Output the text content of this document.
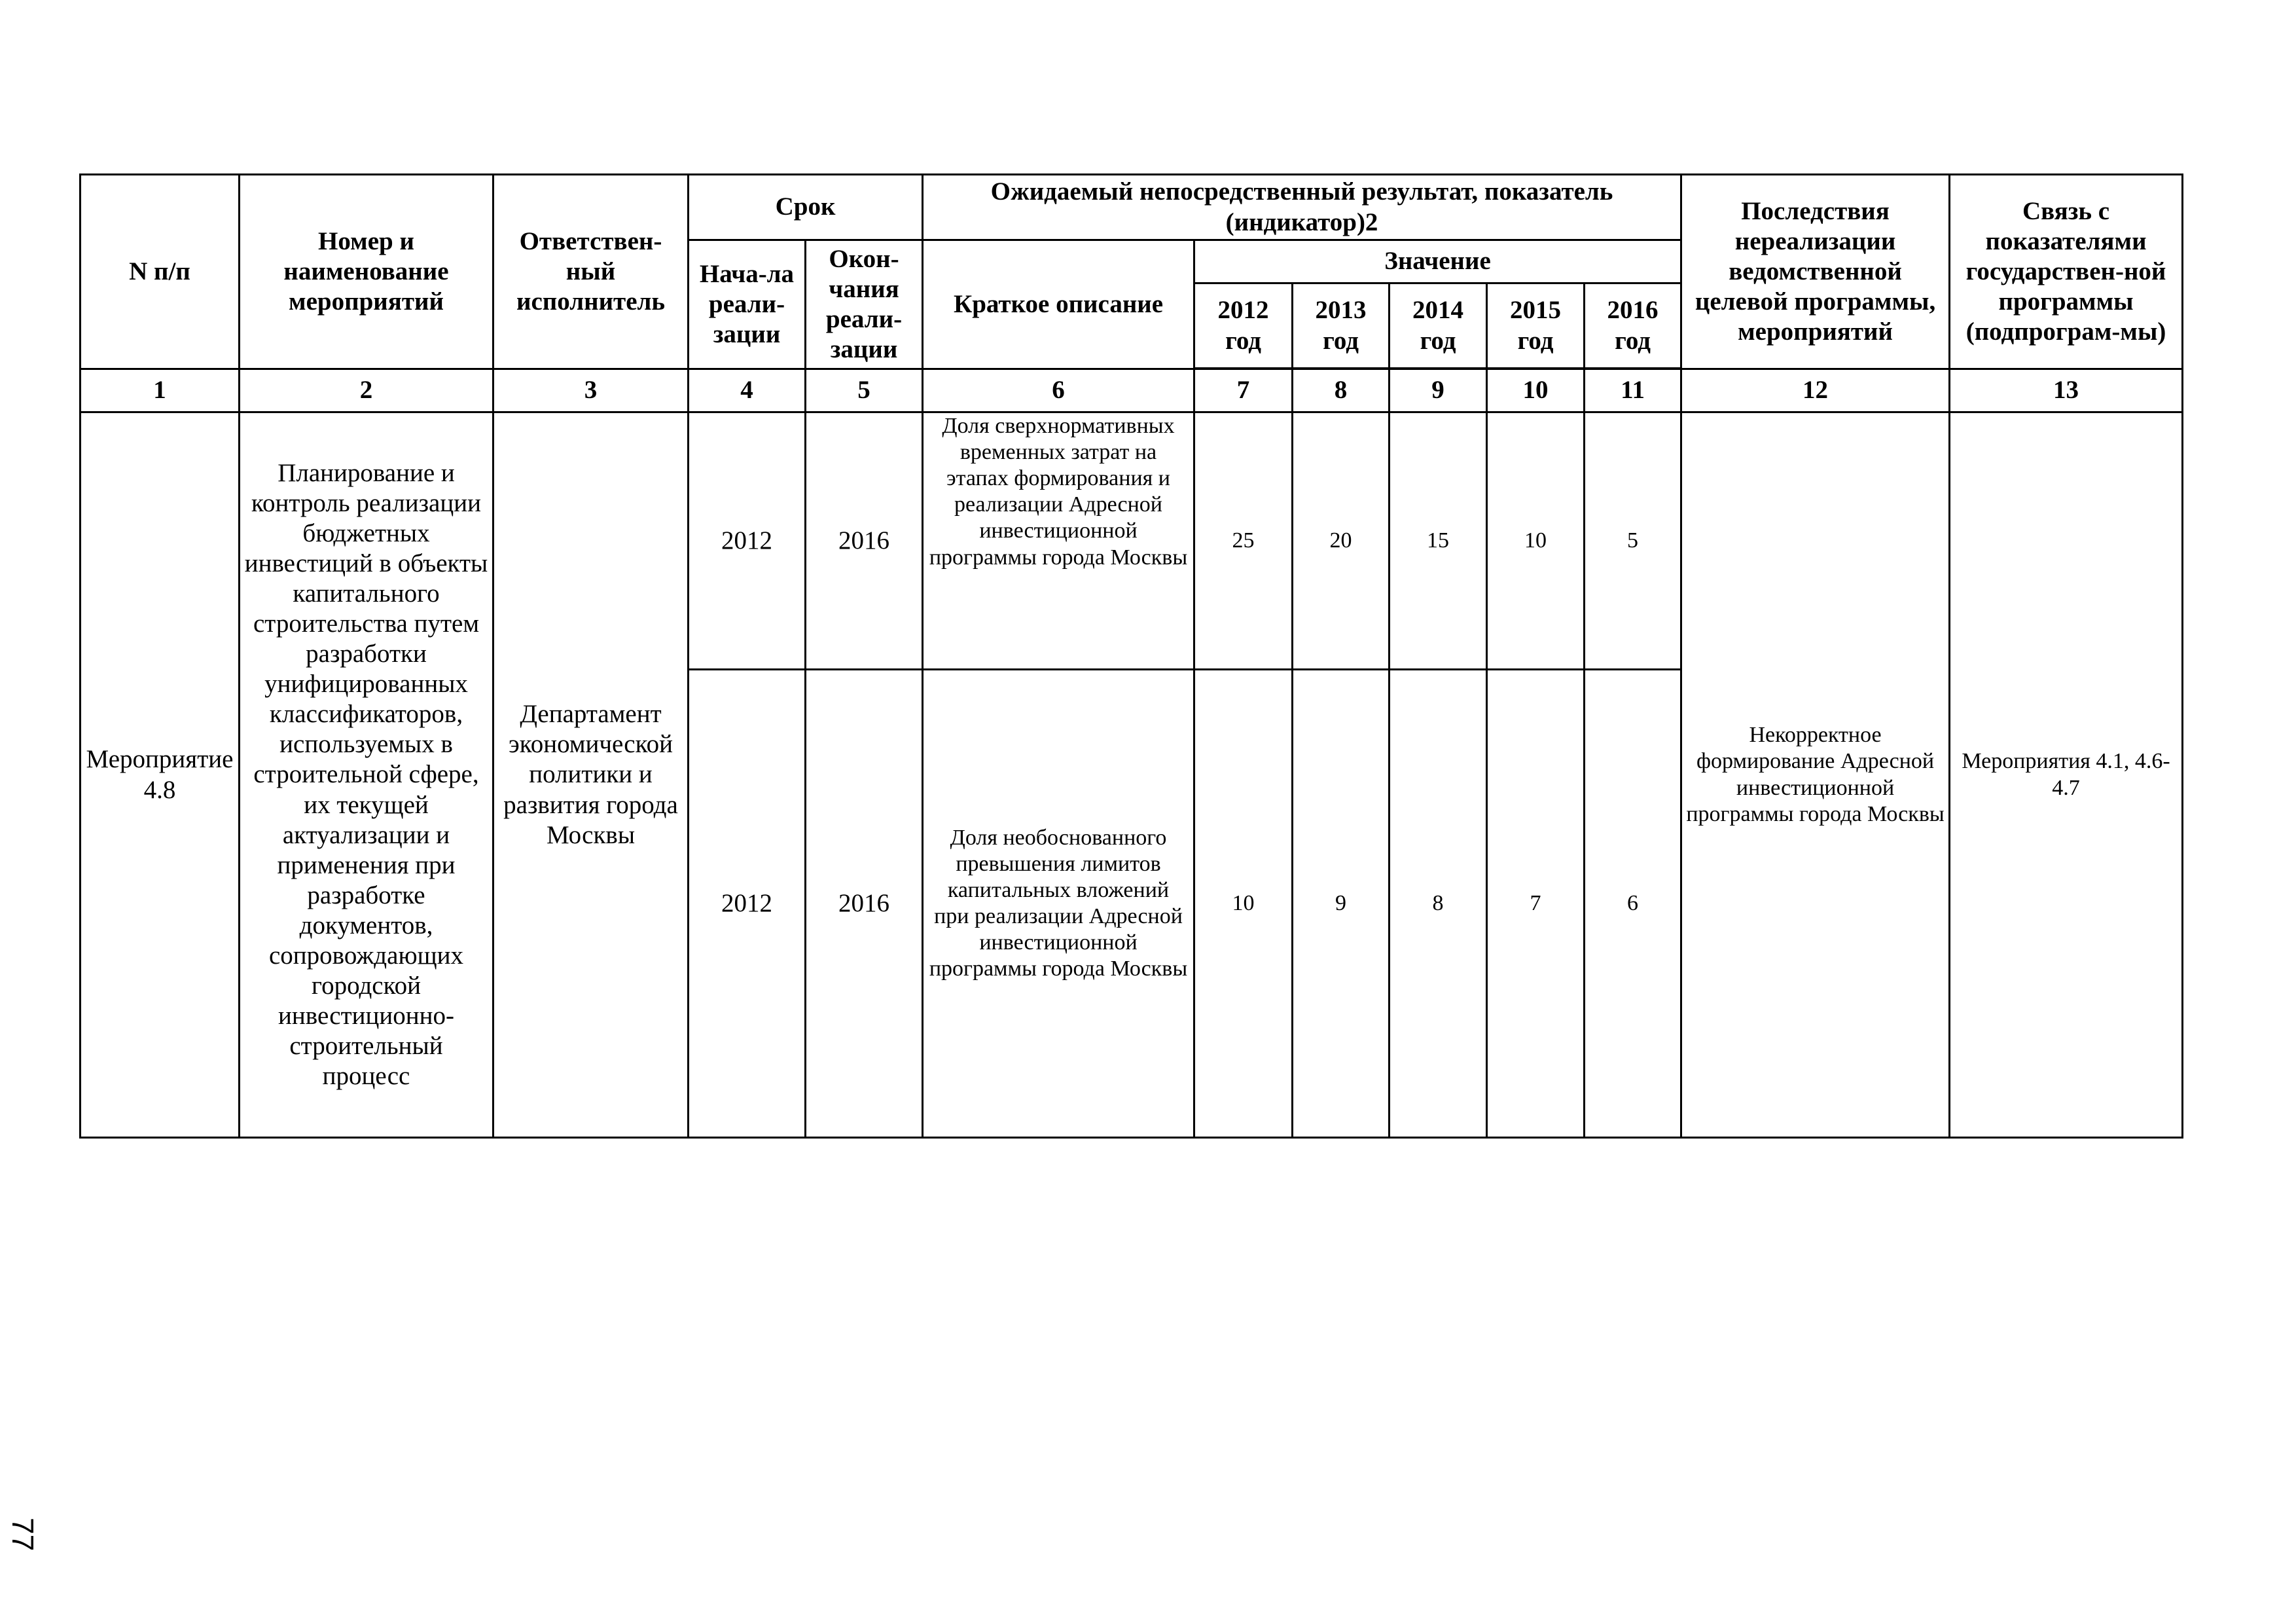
N п/п	Номер и наименование мероприятий	Ответствен-ный исполнитель	Срок		Ожидаемый непосредственный результат, показатель (индикатор)2						Последствия нереализации ведомственной целевой программы, мероприятий	Связь с показателями государствен-ной программы (подпрограм-мы)
			Нача-ла реали-зации	Окон-чания реали-зации	Краткое описание	Значение						
						2012 год	2013 год	2014 год	2015 год	2016 год		

1	2	3	4	5	6	7	8	9	10	11	12	13
Мероприятие 4.8	Планирование и контроль реализации бюджетных инвестиций в объекты капитального строительства путем разработки унифицированных классификаторов, используемых в строительной сфере, их текущей актуализации и применения при разработке документов, сопровождающих городской инвестиционно-строительный процесс	Департамент экономической политики и развития города Москвы	2012	2016	Доля сверхнормативных временных затрат на этапах формирования и реализации Адресной инвестиционной программы города Москвы	25	20	15	10	5	Некорректное формирование Адресной инвестиционной программы города Москвы	Мероприятия 4.1, 4.6-4.7
			2012	2016	Доля необоснованного превышения лимитов капитальных вложений при реализации Адресной инвестиционной программы города Москвы	10	9	8	7	6		
77
